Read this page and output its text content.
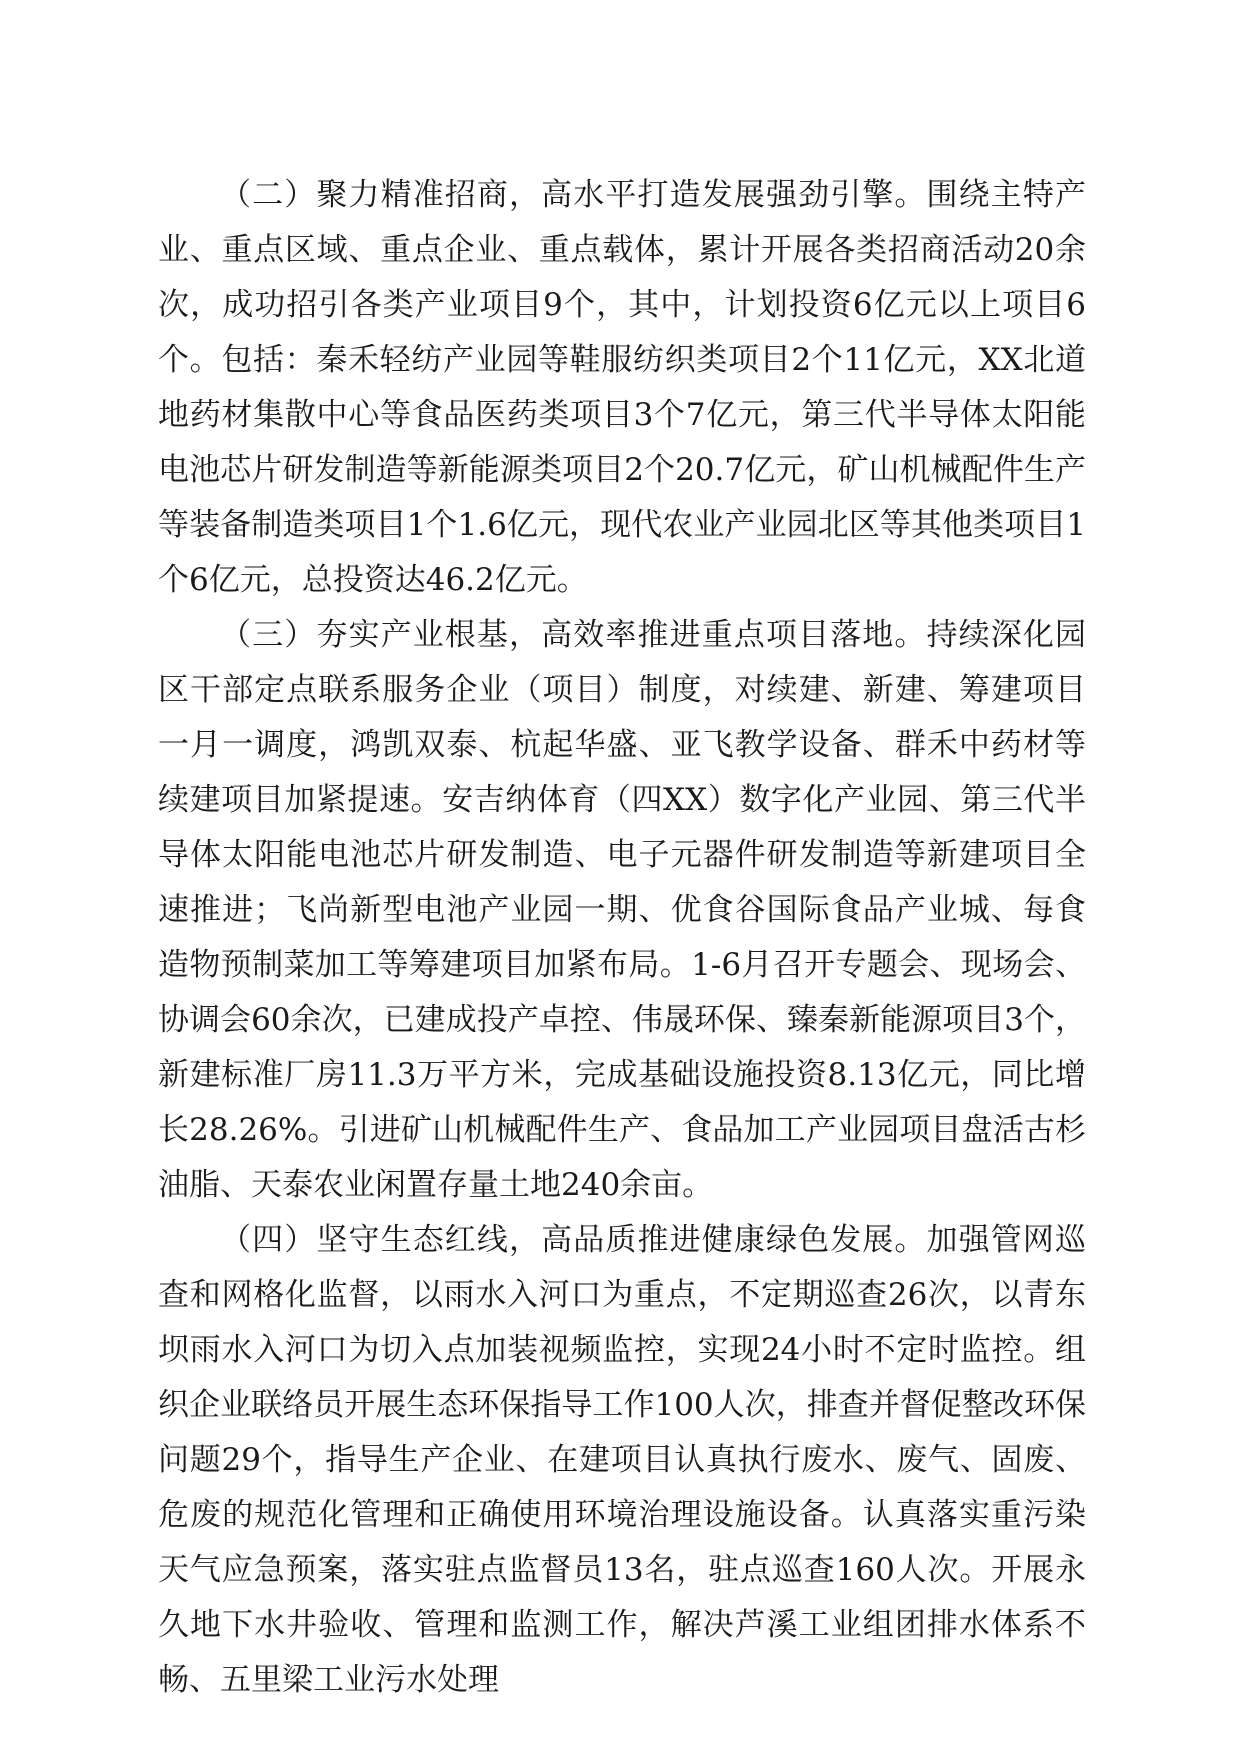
（二）聚力精准招商，高水平打造发展强劲引擎。围绕主特产业、重点区域、重点企业、重点载体，累计开展各类招商活动20余次，成功招引各类产业项目9个，其中，计划投资6亿元以上项目6个。包括：秦禾轻纺产业园等鞋服纺织类项目2个11亿元，XX北道地药材集散中心等食品医药类项目3个7亿元，第三代半导体太阳能电池芯片研发制造等新能源类项目2个20.7亿元，矿山机械配件生产等装备制造类项目1个1.6亿元，现代农业产业园北区等其他类项目1个6亿元，总投资达46.2亿元。

（三）夯实产业根基，高效率推进重点项目落地。持续深化园区干部定点联系服务企业（项目）制度，对续建、新建、筹建项目一月一调度，鸿凯双泰、杭起华盛、亚飞教学设备、群禾中药材等续建项目加紧提速。安吉纳体育（四XX）数字化产业园、第三代半导体太阳能电池芯片研发制造、电子元器件研发制造等新建项目全速推进；飞尚新型电池产业园一期、优食谷国际食品产业城、每食造物预制菜加工等筹建项目加紧布局。1-6月召开专题会、现场会、协调会60余次，已建成投产卓控、伟晟环保、臻秦新能源项目3个，新建标准厂房11.3万平方米，完成基础设施投资8.13亿元，同比增长28.26%。引进矿山机械配件生产、食品加工产业园项目盘活古杉油脂、天泰农业闲置存量土地240余亩。

（四）坚守生态红线，高品质推进健康绿色发展。加强管网巡查和网格化监督，以雨水入河口为重点，不定期巡查26次，以青东坝雨水入河口为切入点加装视频监控，实现24小时不定时监控。组织企业联络员开展生态环保指导工作100人次，排查并督促整改环保问题29个，指导生产企业、在建项目认真执行废水、废气、固废、危废的规范化管理和正确使用环境治理设施设备。认真落实重污染天气应急预案，落实驻点监督员13名，驻点巡查160人次。开展永久地下水井验收、管理和监测工作，解决芦溪工业组团排水体系不畅、五里梁工业污水处理
